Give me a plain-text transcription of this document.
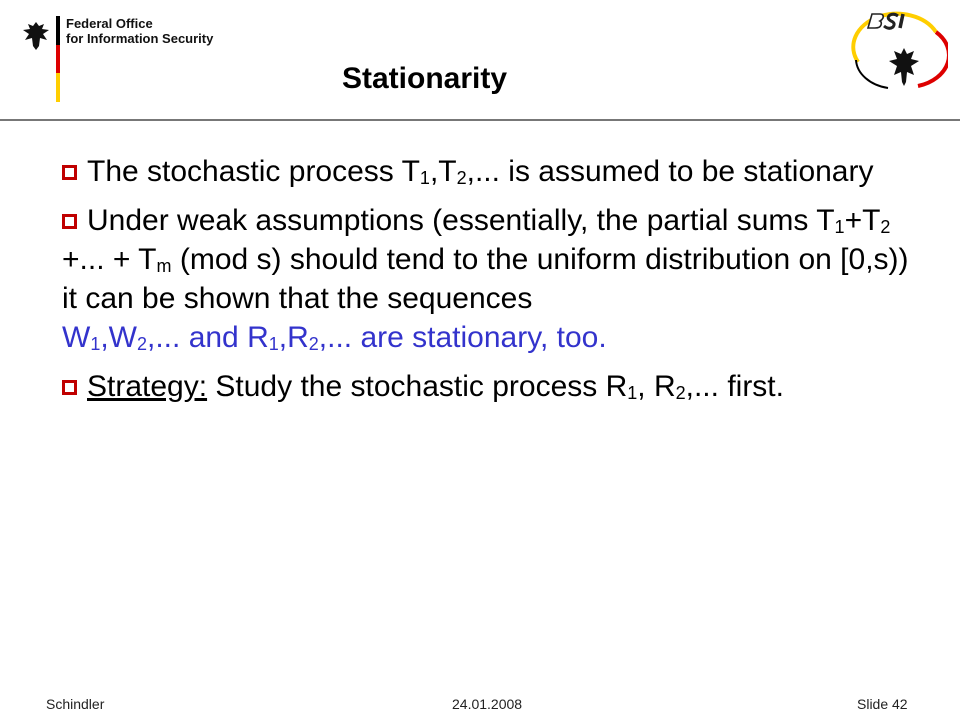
Federal Office
for Information Security
Stationarity

The stochastic process $T_1,T_2$,... is assumed to be stationary

Under weak assumptions (essentially, the partial sums $T_1+T_2$ +... + $T_m$ (mod s) should tend to the uniform distribution on [0,s))
it can be shown that the sequences
$W_1,W_2$,... and $R_1,R_2$,... are stationary, too.

Strategy: Study the stochastic process $R_1$, $R_2$,... first.

Schindler	24.01.2008	Slide 42
